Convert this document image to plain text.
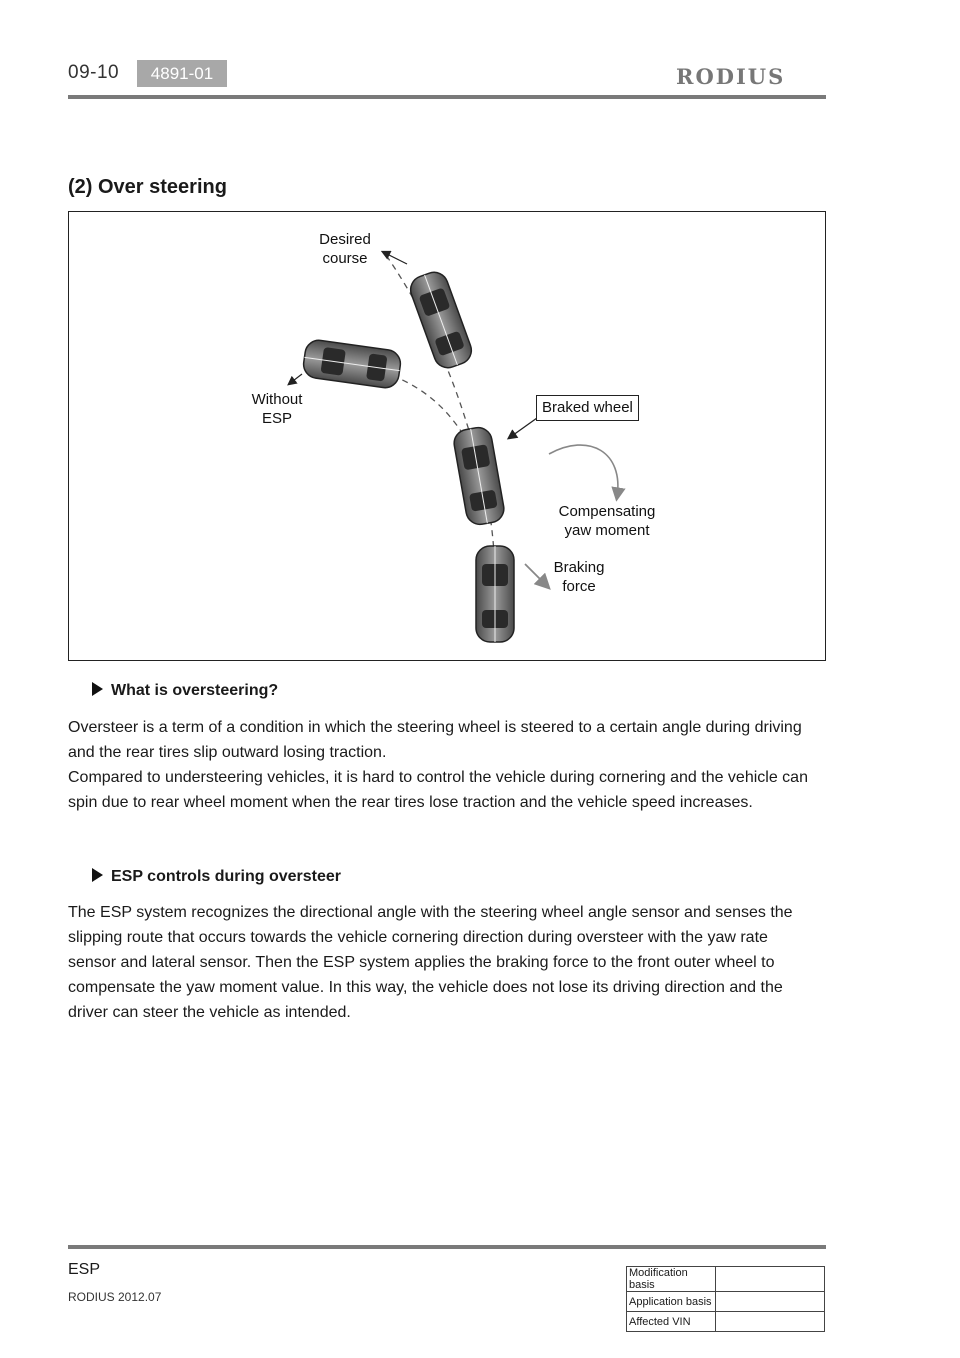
09-10	4891-01	RODIUS
(2) Over steering
Desired
course
Without
ESP
Braked wheel
Compensating
yaw moment
Braking
force
What is oversteering?
Oversteer is a term of a condition in which the steering wheel is steered to a certain angle during driving and the rear tires slip outward losing traction.
Compared to understeering vehicles, it is hard to control the vehicle during cornering and the vehicle can spin due to rear wheel moment when the rear tires lose traction and the vehicle speed increases.
ESP controls during oversteer
The ESP system recognizes the directional angle with the steering wheel angle sensor and senses the slipping route that occurs towards the vehicle cornering direction during oversteer with the yaw rate sensor and lateral sensor. Then the ESP system applies the braking force to the front outer wheel to compensate the yaw moment value. In this way, the vehicle does not lose its driving direction and the driver can steer the vehicle as intended.
ESP
RODIUS 2012.07
Modification basis	
Application basis	
Affected VIN	
